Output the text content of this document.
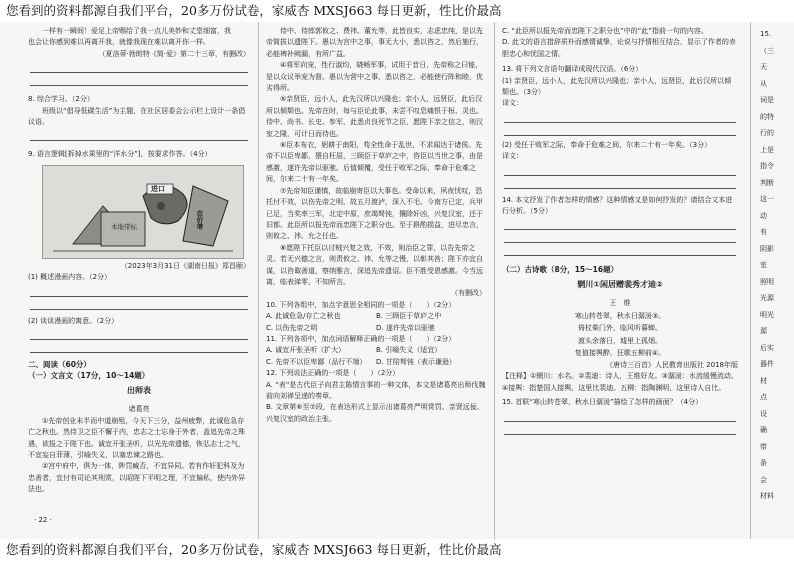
您看到的资料都源自我们平台，20多万份试卷，家威杏 MXSJ663 每日更新，性比价最高

一样有一瞬间！爱足上帝赐给了我一点儿美妙和丈堂细富，我

也会让你感到难以再离开我，就像我现在难以离开你一样。

（夏洛蒂·勃朗特《简·爱》第二十三章，有删改）

8. 综合学习。（2分）

班级以“倡导低碳生活”为主题，在社区居委会公示栏上设计一条倡议语。

9. 语言逻辑[拆掉水果里的“洋水分”]，按要求作答。（4分）

进口
本地带标	农价增

（2023年3月31日《湖南日报》郑昌颐）

(1) 概述漫画内容。（2分）

(2) 谈谈漫画的寓意。（2分）

二、阅读（60分）

（一）文言文（17分，10～14题）

出师表

诸葛亮

①先帝创业未半而中道崩殂，今天下三分，益州疲弊，此诚危急存亡之秋也。然侍卫之臣不懈于内，忠志之士忘身于外者，盖追先帝之殊遇，欲报之于陛下也。诚宜开张圣听，以光先帝遗德，恢弘志士之气，不宜妄自菲薄，引喻失义，以塞忠谏之路也。

②宫中府中，俱为一体，陟罚臧否，不宜异同。若有作奸犯科及为忠善者，宜付有司论其刑赏，以昭陛下平明之理，不宜偏私，使内外异法也。

· 22 ·

侍中、侍郎郭攸之、费祎、董允等，此皆良实，志虑忠纯，是以先帝简拔以遗陛下。愚以为宫中之事，事无大小，悉以咨之，然后施行，必能裨补阙漏，有所广益。

④将军向宠，性行淑均，晓畅军事，试用于昔日，先帝称之曰能，是以众议举宠为督。愚以为营中之事，悉以咨之，必能使行阵和睦，优劣得所。

⑤亲贤臣，远小人，此先汉所以兴隆也；亲小人，远贤臣，此后汉所以倾颓也。先帝在时，每与臣论此事，未尝不叹息痛恨于桓、灵也。侍中、尚书、长史、参军，此悉贞良死节之臣，愿陛下亲之信之，则汉室之隆，可计日而待也。

⑥臣本布衣，躬耕于南阳，苟全性命于乱世，不求闻达于诸侯。先帝不以臣卑鄙，猥自枉屈，三顾臣于草庐之中，咨臣以当世之事，由是感激，遂许先帝以驱驰。后值倾覆，受任于败军之际，奉命于危难之间，尔来二十有一年矣。

⑦先帝知臣谨慎，故临崩寄臣以大事也。受命以来，夙夜忧叹，恐托付不效，以伤先帝之明，故五月渡泸，深入不毛。今南方已定，兵甲已足，当奖率三军，北定中原，庶竭驽钝，攘除奸凶，兴复汉室，还于旧都。此臣所以报先帝而忠陛下之职分也。至于斟酌损益，进尽忠言，则攸之、祎、允之任也。

⑧愿陛下托臣以讨贼兴复之效，不效，则治臣之罪，以告先帝之灵。若无兴德之言，则责攸之、祎、允等之慢，以彰其咎；陛下亦宜自谋，以咨诹善道，察纳雅言，深追先帝遗诏。臣不胜受恩感激。今当远离，临表涕零，不知所言。

（有删改）

10. 下列各组中，加点字意思全相同的一项是（　　）（2分）

A. 此诚危急/存亡之秋也	B. 三顾臣于草庐之中
C. 以伤先帝之明	D. 遂许先帝以驱驰

11. 下列各项中，加点词语解释正确的一项是（　　）（2分）

A. 诚宜开张圣听（扩大）	B. 引喻失义（适宜）
C. 先帝不以臣卑鄙（品行不端）	D. 甘陪驽钝（表示谦逊）

12. 下列说法正确的一项是（　　）（2分）

A. “表”是古代臣子向君主陈情言事的一种文体，本文是诸葛亮出师伐魏前向刘禅呈递的奏章。

B. 文章第⑥至⑦段，在表达形式上显示出诸葛亮严明赏罚、亲贤远佞、兴复汉室的政治主张。

C. “此臣所以报先帝而忠陛下之职分也”中的“此”指前一句的内容。

D. 此文的语言措辞质朴而感情诚挚，论说与抒情相互结合，显示了作者的赤胆忠心和忧国之情。

13. 将下列文言语句翻译成现代汉语。（6分）

(1) 亲贤臣，远小人，此先汉所以兴隆也；亲小人，远贤臣，此后汉所以倾颓也。（3分）

译文：

(2) 受任于败军之际，奉命于危难之间，尔来二十有一年矣。（3分）

译文：

14. 本文抒发了作者怎样的情感？这种情感又是如何抒发的？请结合文本进行分析。（5分）

（二）古诗歌（8分，15～16题）

辋川①闲居赠裴秀才迪②

王　维

寒山转苍翠，秋水日潺湲③。
倚杖柴门外，临风听暮蝉。
渡头余落日，墟里上孤烟。
复值接舆醉，狂歌五柳前④。

《唐诗三百首》人民教育出版社 2018年版

【注释】①辋川：水名。②裴迪：诗人，王维好友。③潺湲：水流缓慢流动。④接舆：指楚国人接舆，这里比裴迪。五柳：指陶渊明，这里诗人自比。

15. 首联“寒山转苍翠，秋水日潺湲”描绘了怎样的画面？（4分）

15.
（三
天
从
词是
的特
行的
上是
指令
判断
这一
动
有
阴影
室
照明
光源
明光
源
后实
器件
材
点
设
确
带
条
会
材料
您看到的资料都源自我们平台，20多万份试卷，家威杏 MXSJ663 每日更新，性比价最高
